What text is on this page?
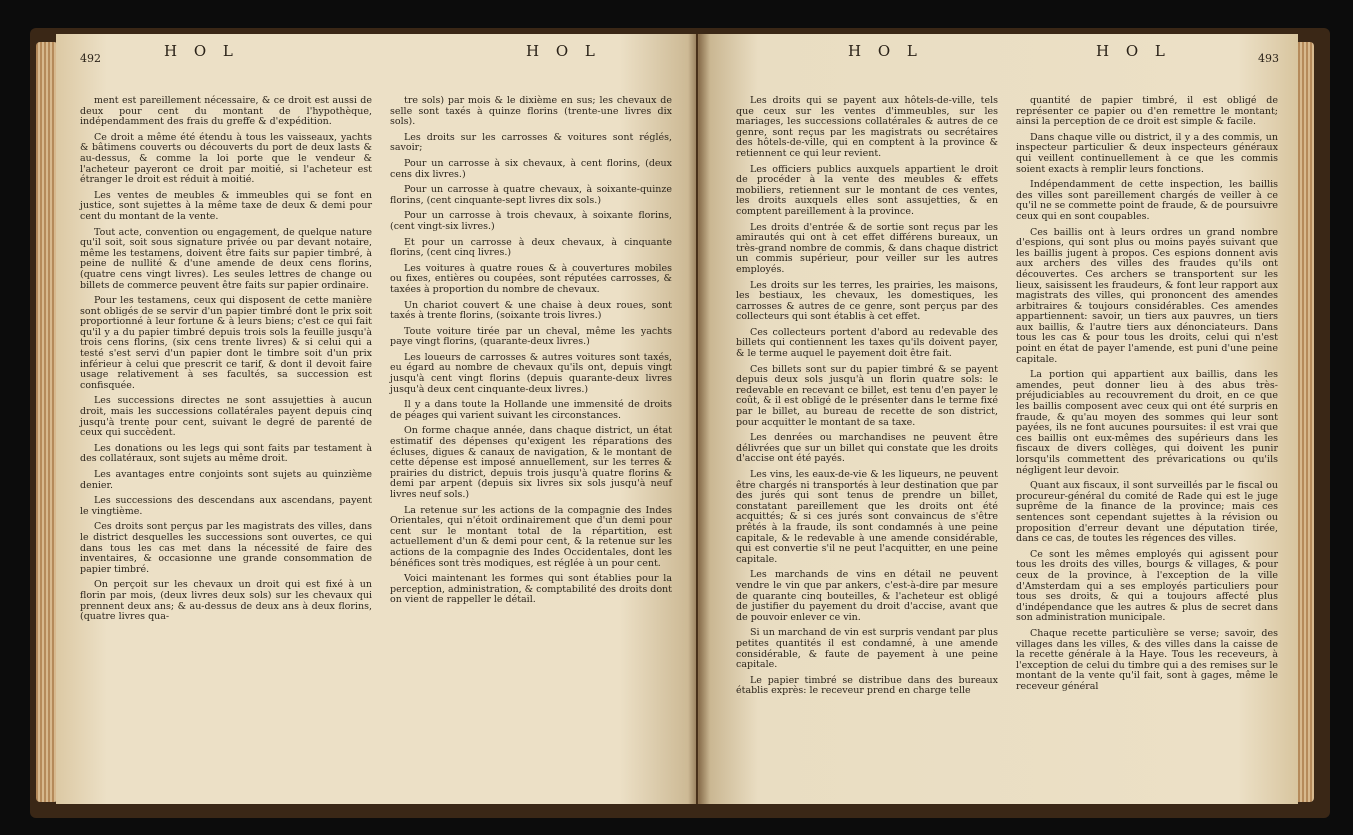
492	H O L	H O L

ment est pareillement nécessaire, & ce droit est aussi de deux pour cent du montant de l'hypothèque, indépendamment des frais du greffe & d'expédition.

Ce droit a même été étendu à tous les vaisseaux, yachts & bâtimens couverts ou découverts du port de deux lasts & au-dessus, & comme la loi porte que le vendeur & l'acheteur payeront ce droit par moitié, si l'acheteur est étranger le droit est réduit à moitié.

Les ventes de meubles & immeubles qui se font en justice, sont sujettes à la même taxe de deux & demi pour cent du montant de la vente.

Tout acte, convention ou engagement, de quelque nature qu'il soit, soit sous signature privée ou par devant notaire, même les testamens, doivent être faits sur papier timbré, à peine de nullité & d'une amende de deux cens florins, (quatre cens vingt livres). Les seules lettres de change ou billets de commerce peuvent être faits sur papier ordinaire.

Pour les testamens, ceux qui disposent de cette manière sont obligés de se servir d'un papier timbré dont le prix soit proportionné à leur fortune & à leurs biens; c'est ce qui fait qu'il y a du papier timbré depuis trois sols la feuille jusqu'à trois cens florins, (six cens trente livres) & si celui qui a testé s'est servi d'un papier dont le timbre soit d'un prix inférieur à celui que prescrit ce tarif, & dont il devoit faire usage relativement à ses facultés, sa succession est confisquée.

Les successions directes ne sont assujetties à aucun droit, mais les successions collatérales payent depuis cinq jusqu'à trente pour cent, suivant le degré de parenté de ceux qui succèdent.

Les donations ou les legs qui sont faits par testament à des collatéraux, sont sujets au même droit.

Les avantages entre conjoints sont sujets au quinzième denier.

Les successions des descendans aux ascendans, payent le vingtième.

Ces droits sont perçus par les magistrats des villes, dans le district desquelles les successions sont ouvertes, ce qui dans tous les cas met dans la nécessité de faire des inventaires, & occasionne une grande consommation de papier timbré.

On perçoit sur les chevaux un droit qui est fixé à un florin par mois, (deux livres deux sols) sur les chevaux qui prennent deux ans; & au-dessus de deux ans à deux florins, (quatre livres qua-

tre sols) par mois & le dixième en sus; les chevaux de selle sont taxés à quinze florins (trente-une livres dix sols).

Les droits sur les carrosses & voitures sont réglés, savoir;

Pour un carrosse à six chevaux, à cent florins, (deux cens dix livres.)

Pour un carrosse à quatre chevaux, à soixante-quinze florins, (cent cinquante-sept livres dix sols.)

Pour un carrosse à trois chevaux, à soixante florins, (cent vingt-six livres.)

Et pour un carrosse à deux chevaux, à cinquante florins, (cent cinq livres.)

Les voitures à quatre roues & à couvertures mobiles ou fixes, entières ou coupées, sont réputées carrosses, & taxées à proportion du nombre de chevaux.

Un chariot couvert & une chaise à deux roues, sont taxés à trente florins, (soixante trois livres.)

Toute voiture tirée par un cheval, même les yachts paye vingt florins, (quarante-deux livres.)

Les loueurs de carrosses & autres voitures sont taxés, eu égard au nombre de chevaux qu'ils ont, depuis vingt jusqu'à cent vingt florins (depuis quarante-deux livres jusqu'à deux cent cinquante-deux livres.)

Il y a dans toute la Hollande une immensité de droits de péages qui varient suivant les circonstances.

On forme chaque année, dans chaque district, un état estimatif des dépenses qu'exigent les réparations des écluses, digues & canaux de navigation, & le montant de cette dépense est imposé annuellement, sur les terres & prairies du district, depuis trois jusqu'à quatre florins & demi par arpent (depuis six livres six sols jusqu'à neuf livres neuf sols.)

La retenue sur les actions de la compagnie des Indes Orientales, qui n'étoit ordinairement que d'un demi pour cent sur le montant total de la répartition, est actuellement d'un & demi pour cent, & la retenue sur les actions de la compagnie des Indes Occidentales, dont les bénéfices sont très modiques, est réglée à un pour cent.

Voici maintenant les formes qui sont établies pour la perception, administration, & comptabilité des droits dont on vient de rappeller le détail.

H O L	H O L	493

Les droits qui se payent aux hôtels-de-ville, tels que ceux sur les ventes d'immeubles, sur les mariages, les successions collatérales & autres de ce genre, sont reçus par les magistrats ou secrétaires des hôtels-de-ville, qui en comptent à la province & retiennent ce qui leur revient.

Les officiers publics auxquels appartient le droit de procéder à la vente des meubles & effets mobiliers, retiennent sur le montant de ces ventes, les droits auxquels elles sont assujetties, & en comptent pareillement à la province.

Les droits d'entrée & de sortie sont reçus par les amirautés qui ont à cet effet différens bureaux, un très-grand nombre de commis, & dans chaque district un commis supérieur, pour veiller sur les autres employés.

Les droits sur les terres, les prairies, les maisons, les bestiaux, les chevaux, les domestiques, les carrosses & autres de ce genre, sont perçus par des collecteurs qui sont établis à cet effet.

Ces collecteurs portent d'abord au redevable des billets qui contiennent les taxes qu'ils doivent payer, & le terme auquel le payement doit être fait.

Ces billets sont sur du papier timbré & se payent depuis deux sols jusqu'à un florin quatre sols: le redevable en recevant ce billet, est tenu d'en payer le coût, & il est obligé de le présenter dans le terme fixé par le billet, au bureau de recette de son district, pour acquitter le montant de sa taxe.

Les denrées ou marchandises ne peuvent être délivrées que sur un billet qui constate que les droits d'accise ont été payés.

Les vins, les eaux-de-vie & les liqueurs, ne peuvent être chargés ni transportés à leur destination que par des jurés qui sont tenus de prendre un billet, constatant pareillement que les droits ont été acquittés; & si ces jurés sont convaincus de s'être prêtés à la fraude, ils sont condamnés à une peine capitale, & le redevable à une amende considérable, qui est convertie s'il ne peut l'acquitter, en une peine capitale.

Les marchands de vins en détail ne peuvent vendre le vin que par ankers, c'est-à-dire par mesure de quarante cinq bouteilles, & l'acheteur est obligé de justifier du payement du droit d'accise, avant que de pouvoir enlever ce vin.

Si un marchand de vin est surpris vendant par plus petites quantités il est condamné, à une amende considérable, & faute de payement à une peine capitale.

Le papier timbré se distribue dans des bureaux établis exprès: le receveur prend en charge telle

quantité de papier timbré, il est obligé de représenter ce papier ou d'en remettre le montant; ainsi la perception de ce droit est simple & facile.

Dans chaque ville ou district, il y a des commis, un inspecteur particulier & deux inspecteurs généraux qui veillent continuellement à ce que les commis soient exacts à remplir leurs fonctions.

Indépendamment de cette inspection, les baillis des villes sont pareillement chargés de veiller à ce qu'il ne se commette point de fraude, & de poursuivre ceux qui en sont coupables.

Ces baillis ont à leurs ordres un grand nombre d'espions, qui sont plus ou moins payés suivant que les baillis jugent à propos. Ces espions donnent avis aux archers des villes des fraudes qu'ils ont découvertes. Ces archers se transportent sur les lieux, saisissent les fraudeurs, & font leur rapport aux magistrats des villes, qui prononcent des amendes arbitraires & toujours considérables. Ces amendes appartiennent: savoir, un tiers aux pauvres, un tiers aux baillis, & l'autre tiers aux dénonciateurs. Dans tous les cas & pour tous les droits, celui qui n'est point en état de payer l'amende, est puni d'une peine capitale.

La portion qui appartient aux baillis, dans les amendes, peut donner lieu à des abus très-préjudiciables au recouvrement du droit, en ce que les baillis composent avec ceux qui ont été surpris en fraude, & qu'au moyen des sommes qui leur sont payées, ils ne font aucunes poursuites: il est vrai que ces baillis ont eux-mêmes des supérieurs dans les fiscaux de divers collèges, qui doivent les punir lorsqu'ils commettent des prévarications ou qu'ils négligent leur devoir.

Quant aux fiscaux, il sont surveillés par le fiscal ou procureur-général du comité de Rade qui est le juge suprême de la finance de la province; mais ces sentences sont cependant sujettes à la révision ou proposition d'erreur devant une députation tirée, dans ce cas, de toutes les régences des villes.

Ce sont les mêmes employés qui agissent pour tous les droits des villes, bourgs & villages, & pour ceux de la province, à l'exception de la ville d'Amsterdam qui a ses employés particuliers pour tous ses droits, & qui a toujours affecté plus d'indépendance que les autres & plus de secret dans son administration municipale.

Chaque recette particulière se verse; savoir, des villages dans les villes, & des villes dans la caisse de la recette générale à la Haye. Tous les receveurs, à l'exception de celui du timbre qui a des remises sur le montant de la vente qu'il fait, sont à gages, même le receveur général
